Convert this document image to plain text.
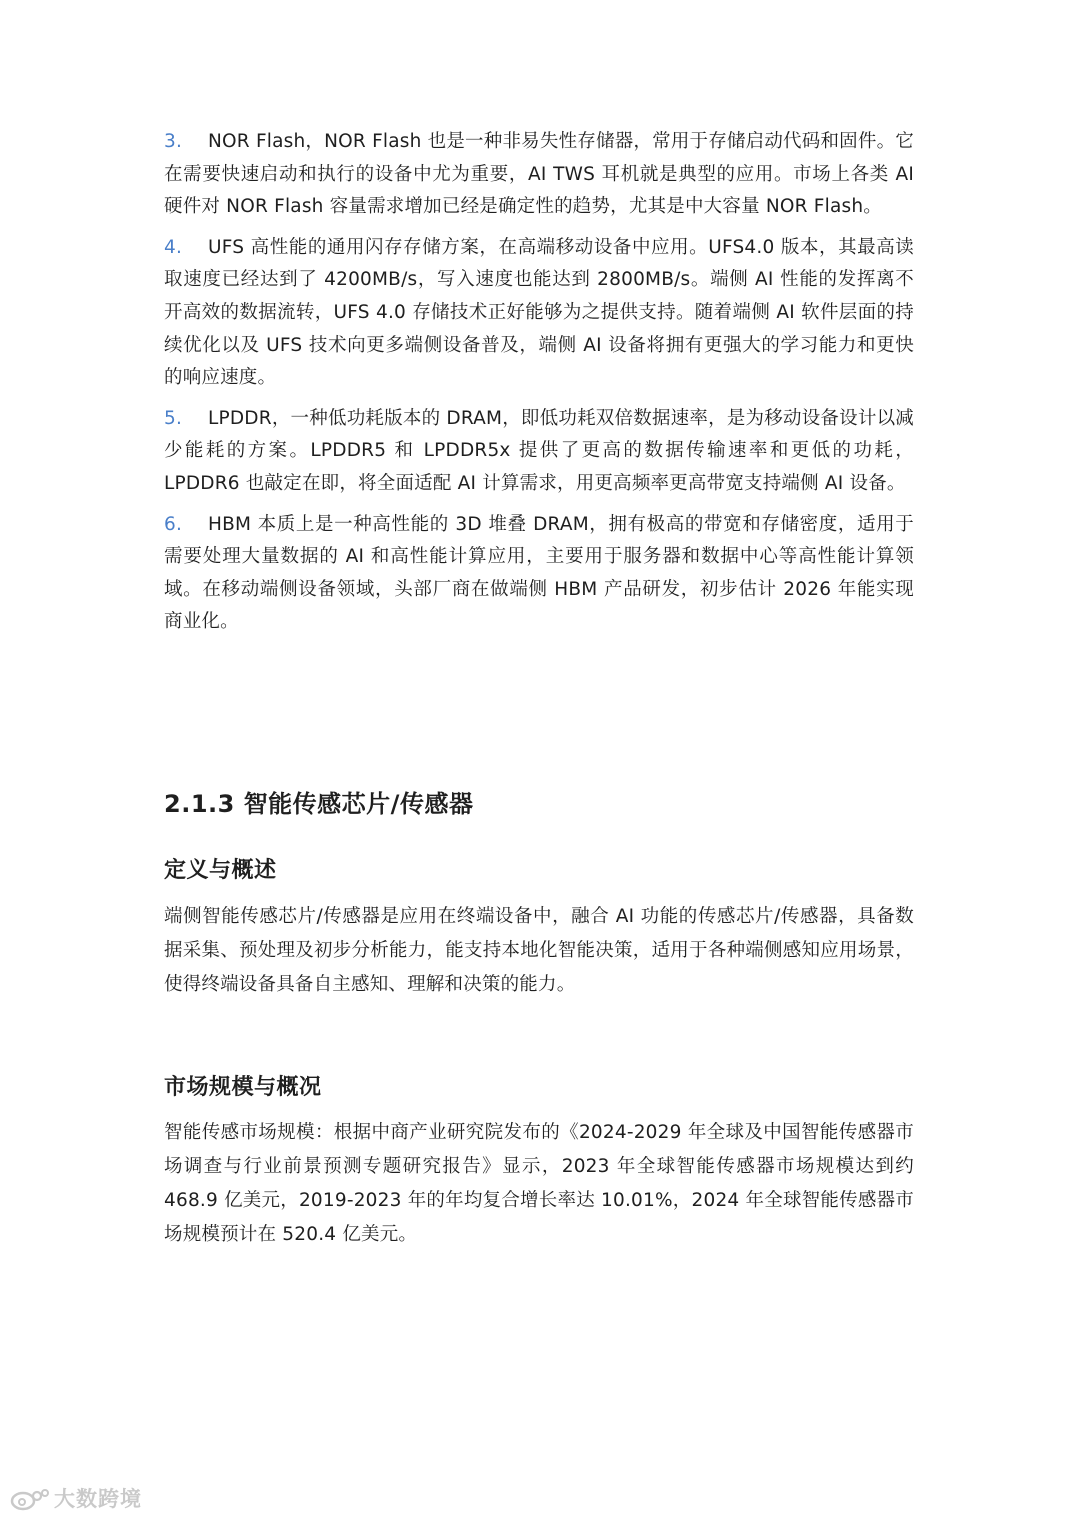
3. NOR Flash，NOR Flash 也是一种非易失性存储器，常用于存储启动代码和固件。它在需要快速启动和执行的设备中尤为重要，AI TWS 耳机就是典型的应用。市场上各类 AI 硬件对 NOR Flash 容量需求增加已经是确定性的趋势，尤其是中大容量 NOR Flash。

4. UFS 高性能的通用闪存存储方案，在高端移动设备中应用。UFS4.0 版本，其最高读取速度已经达到了 4200MB/s，写入速度也能达到 2800MB/s。端侧 AI 性能的发挥离不开高效的数据流转，UFS 4.0 存储技术正好能够为之提供支持。随着端侧 AI 软件层面的持续优化以及 UFS 技术向更多端侧设备普及，端侧 AI 设备将拥有更强大的学习能力和更快的响应速度。

5. LPDDR，一种低功耗版本的 DRAM，即低功耗双倍数据速率，是为移动设备设计以减少能耗的方案。LPDDR5 和 LPDDR5x 提供了更高的数据传输速率和更低的功耗，LPDDR6 也敲定在即，将全面适配 AI 计算需求，用更高频率更高带宽支持端侧 AI 设备。

6. HBM 本质上是一种高性能的 3D 堆叠 DRAM，拥有极高的带宽和存储密度，适用于需要处理大量数据的 AI 和高性能计算应用，主要用于服务器和数据中心等高性能计算领域。在移动端侧设备领域，头部厂商在做端侧 HBM 产品研发，初步估计 2026 年能实现商业化。

2.1.3 智能传感芯片/传感器
定义与概述

端侧智能传感芯片/传感器是应用在终端设备中，融合 AI 功能的传感芯片/传感器，具备数据采集、预处理及初步分析能力，能支持本地化智能决策，适用于各种端侧感知应用场景，使得终端设备具备自主感知、理解和决策的能力。

市场规模与概况

智能传感市场规模：根据中商产业研究院发布的《2024-2029 年全球及中国智能传感器市场调查与行业前景预测专题研究报告》显示，2023 年全球智能传感器市场规模达到约 468.9 亿美元，2019-2023 年的年均复合增长率达 10.01%，2024 年全球智能传感器市场规模预计在 520.4 亿美元。

大数跨境
